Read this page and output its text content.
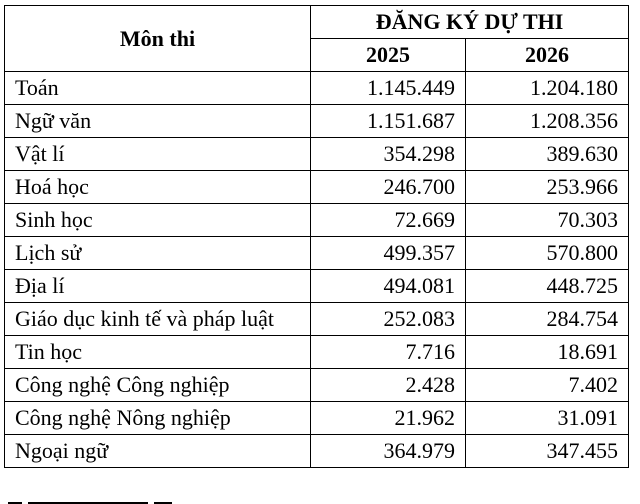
Môn thi	ĐĂNG KÝ DỰ THI	
	2025	2026
Toán	1.145.449	1.204.180
Ngữ văn	1.151.687	1.208.356
Vật lí	354.298	389.630
Hoá học	246.700	253.966
Sinh học	72.669	70.303
Lịch sử	499.357	570.800
Địa lí	494.081	448.725
Giáo dục kinh tế và pháp luật	252.083	284.754
Tin học	7.716	18.691
Công nghệ Công nghiệp	2.428	7.402
Công nghệ Nông nghiệp	21.962	31.091
Ngoại ngữ	364.979	347.455
